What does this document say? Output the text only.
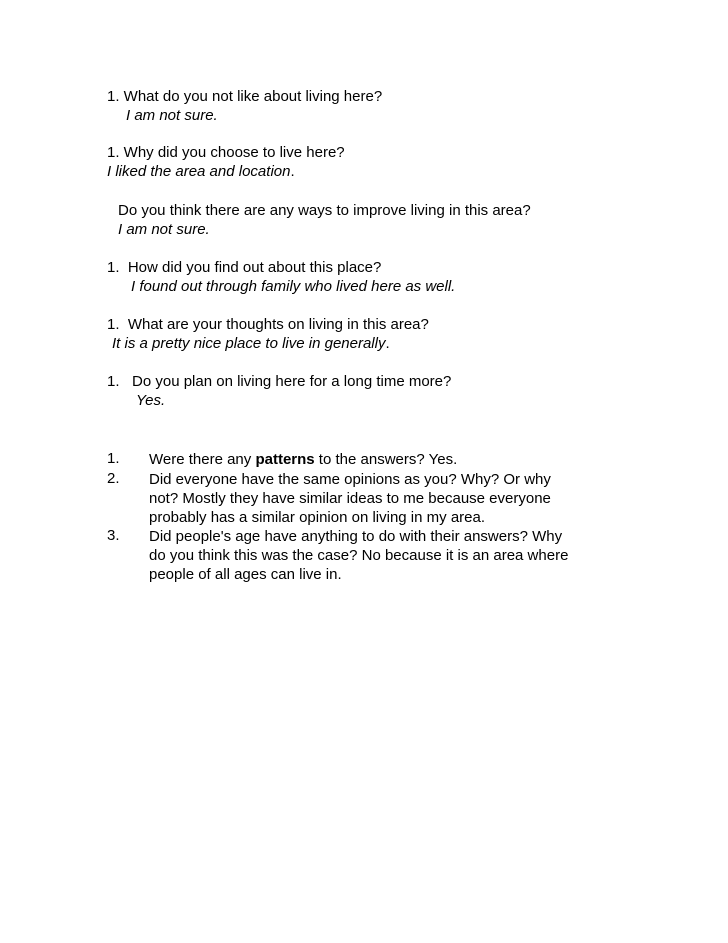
1. What do you not like about living here?
I am not sure.
1. Why did you choose to live here?
I liked the area and location.
Do you think there are any ways to improve living in this area?
I am not sure.
1.  How did you find out about this place?
I found out through family who lived here as well.
1.  What are your thoughts on living in this area?
It is a pretty nice place to live in generally.
1.   Do you plan on living here for a long time more?
Yes.
1. Were there any patterns to the answers? Yes.
2. Did everyone have the same opinions as you? Why? Or why
not? Mostly they have similar ideas to me because everyone
probably has a similar opinion on living in my area.
3. Did people's age have anything to do with their answers? Why
do you think this was the case? No because it is an area where
people of all ages can live in.
